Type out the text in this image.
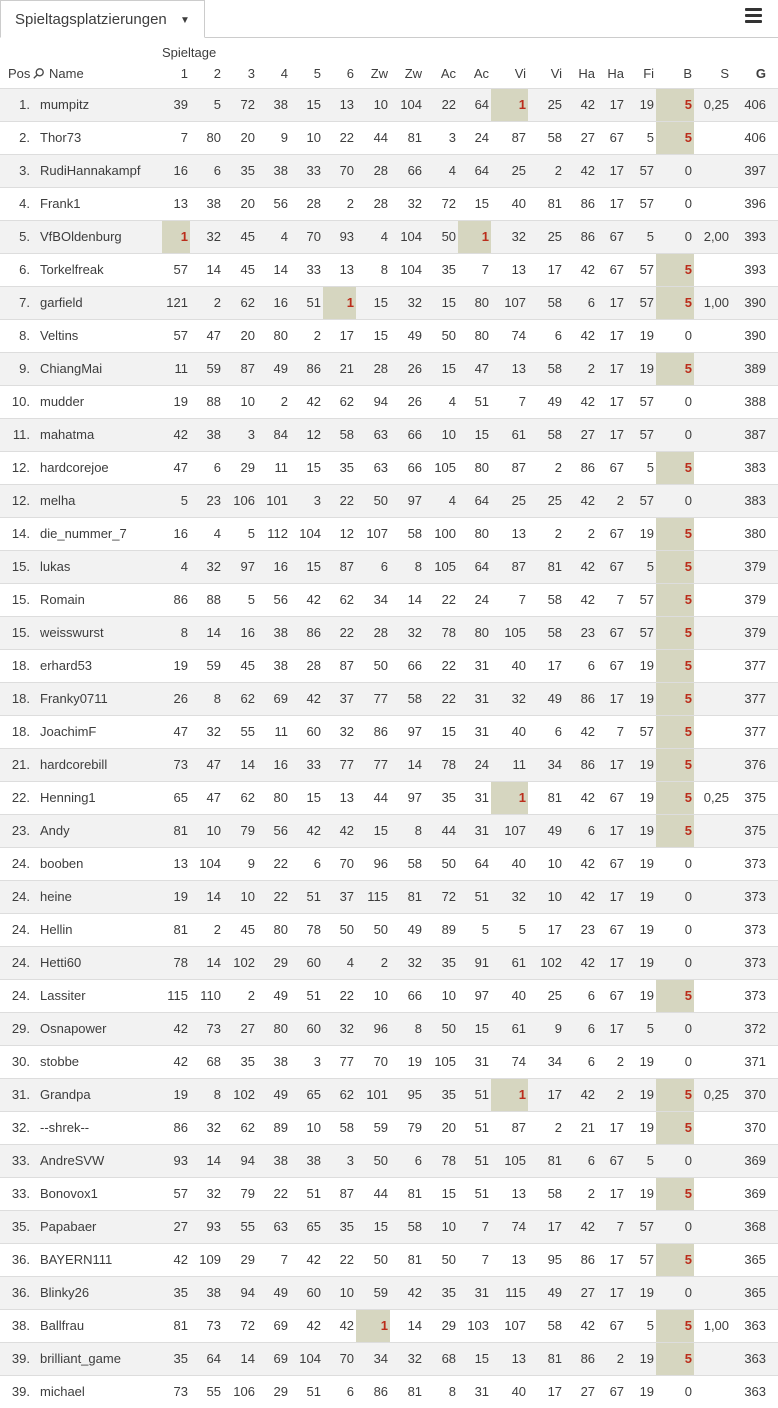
Spieltagsplatzierungen ▼
		Spieltage																	
Pos	Name	1	2	3	4	5	6	Zw	Zw	Ac	Ac	Vi	Vi	Ha	Ha	Fi	B	S	G
1.	mumpitz	39	5	72	38	15	13	10	104	22	64	1	25	42	17	19	5	0,25	406
2.	Thor73	7	80	20	9	10	22	44	81	3	24	87	58	27	67	5	5		406
3.	RudiHannakampf	16	6	35	38	33	70	28	66	4	64	25	2	42	17	57	0		397
4.	Frank1	13	38	20	56	28	2	28	32	72	15	40	81	86	17	57	0		396
5.	VfBOldenburg	1	32	45	4	70	93	4	104	50	1	32	25	86	67	5	0	2,00	393
6.	Torkelfreak	57	14	45	14	33	13	8	104	35	7	13	17	42	67	57	5		393
7.	garfield	121	2	62	16	51	1	15	32	15	80	107	58	6	17	57	5	1,00	390
8.	Veltins	57	47	20	80	2	17	15	49	50	80	74	6	42	17	19	0		390
9.	ChiangMai	11	59	87	49	86	21	28	26	15	47	13	58	2	17	19	5		389
10.	mudder	19	88	10	2	42	62	94	26	4	51	7	49	42	17	57	0		388
11.	mahatma	42	38	3	84	12	58	63	66	10	15	61	58	27	17	57	0		387
12.	hardcorejoe	47	6	29	11	15	35	63	66	105	80	87	2	86	67	5	5		383
12.	melha	5	23	106	101	3	22	50	97	4	64	25	25	42	2	57	0		383
14.	die_nummer_7	16	4	5	112	104	12	107	58	100	80	13	2	2	67	19	5		380
15.	lukas	4	32	97	16	15	87	6	8	105	64	87	81	42	67	5	5		379
15.	Romain	86	88	5	56	42	62	34	14	22	24	7	58	42	7	57	5		379
15.	weisswurst	8	14	16	38	86	22	28	32	78	80	105	58	23	67	57	5		379
18.	erhard53	19	59	45	38	28	87	50	66	22	31	40	17	6	67	19	5		377
18.	Franky0711	26	8	62	69	42	37	77	58	22	31	32	49	86	17	19	5		377
18.	JoachimF	47	32	55	11	60	32	86	97	15	31	40	6	42	7	57	5		377
21.	hardcorebill	73	47	14	16	33	77	77	14	78	24	11	34	86	17	19	5		376
22.	Henning1	65	47	62	80	15	13	44	97	35	31	1	81	42	67	19	5	0,25	375
23.	Andy	81	10	79	56	42	42	15	8	44	31	107	49	6	17	19	5		375
24.	booben	13	104	9	22	6	70	96	58	50	64	40	10	42	67	19	0		373
24.	heine	19	14	10	22	51	37	115	81	72	51	32	10	42	17	19	0		373
24.	Hellin	81	2	45	80	78	50	50	49	89	5	5	17	23	67	19	0		373
24.	Hetti60	78	14	102	29	60	4	2	32	35	91	61	102	42	17	19	0		373
24.	Lassiter	115	110	2	49	51	22	10	66	10	97	40	25	6	67	19	5		373
29.	Osnapower	42	73	27	80	60	32	96	8	50	15	61	9	6	17	5	0		372
30.	stobbe	42	68	35	38	3	77	70	19	105	31	74	34	6	2	19	0		371
31.	Grandpa	19	8	102	49	65	62	101	95	35	51	1	17	42	2	19	5	0,25	370
32.	--shrek--	86	32	62	89	10	58	59	79	20	51	87	2	21	17	19	5		370
33.	AndreSVW	93	14	94	38	38	3	50	6	78	51	105	81	6	67	5	0		369
33.	Bonovox1	57	32	79	22	51	87	44	81	15	51	13	58	2	17	19	5		369
35.	Papabaer	27	93	55	63	65	35	15	58	10	7	74	17	42	7	57	0		368
36.	BAYERN111	42	109	29	7	42	22	50	81	50	7	13	95	86	17	57	5		365
36.	Blinky26	35	38	94	49	60	10	59	42	35	31	115	49	27	17	19	0		365
38.	Ballfrau	81	73	72	69	42	42	1	14	29	103	107	58	42	67	5	5	1,00	363
39.	brilliant_game	35	64	14	69	104	70	34	32	68	15	13	81	86	2	19	5		363
39.	michael	73	55	106	29	51	6	86	81	8	31	40	17	27	67	19	0		363
